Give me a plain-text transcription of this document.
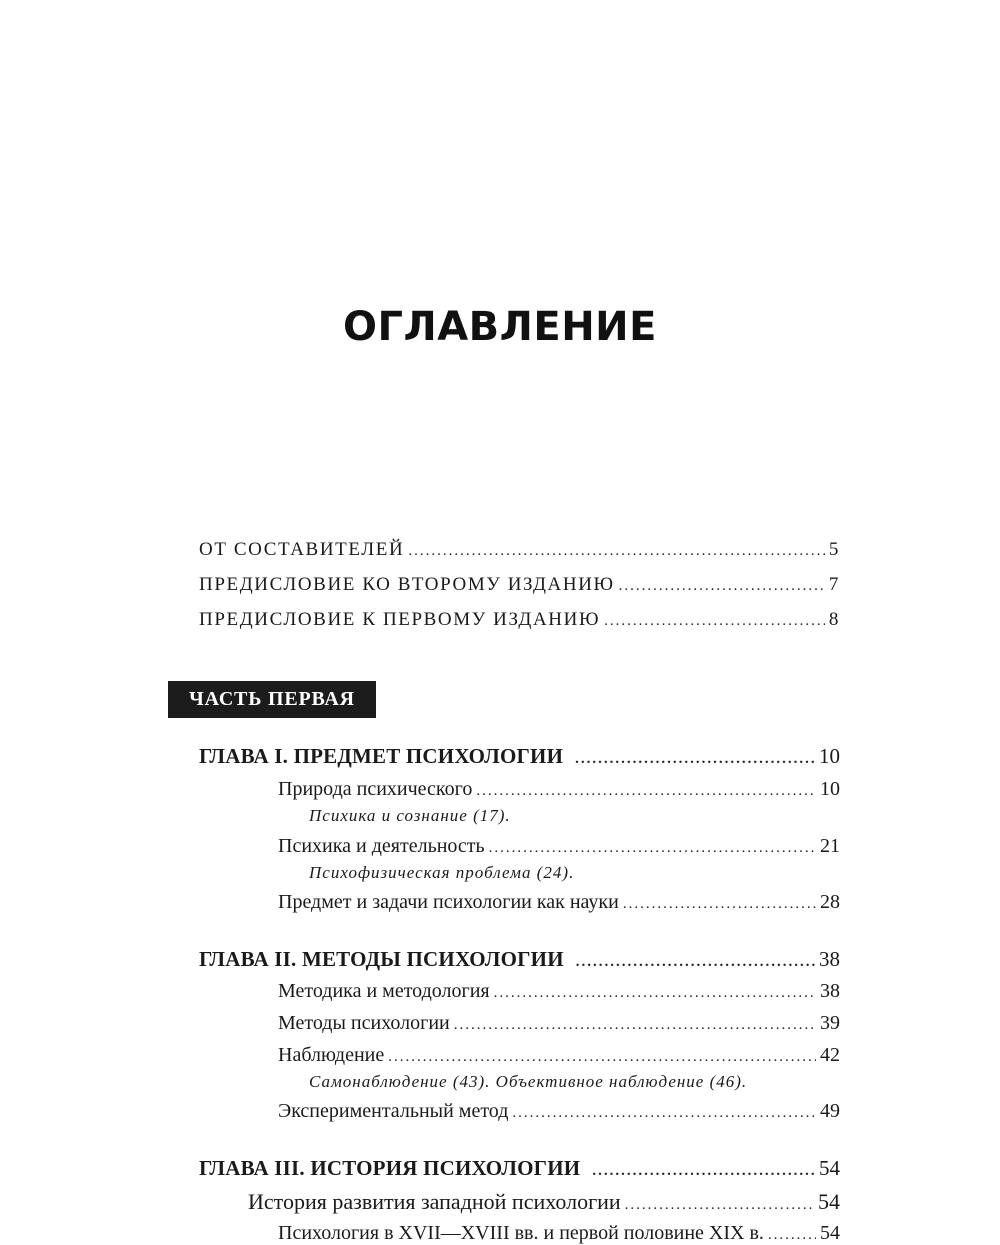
ОГЛАВЛЕНИЕ
ОТ СОСТАВИТЕЛЕЙ .....	5
ПРЕДИСЛОВИЕ КО ВТОРОМУ ИЗДАНИЮ .....	7
ПРЕДИСЛОВИЕ К ПЕРВОМУ ИЗДАНИЮ .....	8
ЧАСТЬ ПЕРВАЯ
ГЛАВА I. ПРЕДМЕТ ПСИХОЛОГИИ .....	10
Природа психического .....	10
Психика и сознание (17).
Психика и деятельность .....	21
Психофизическая проблема (24).
Предмет и задачи психологии как науки .....	28
ГЛАВА II. МЕТОДЫ ПСИХОЛОГИИ .....	38
Методика и методология .....	38
Методы психологии .....	39
Наблюдение .....	42
Самонаблюдение (43). Объективное наблюдение (46).
Экспериментальный метод .....	49
ГЛАВА III. ИСТОРИЯ ПСИХОЛОГИИ .....	54
История развития западной психологии .....	54
Психология в XVII—XVIII вв. и первой половине XIX в. .....	54
